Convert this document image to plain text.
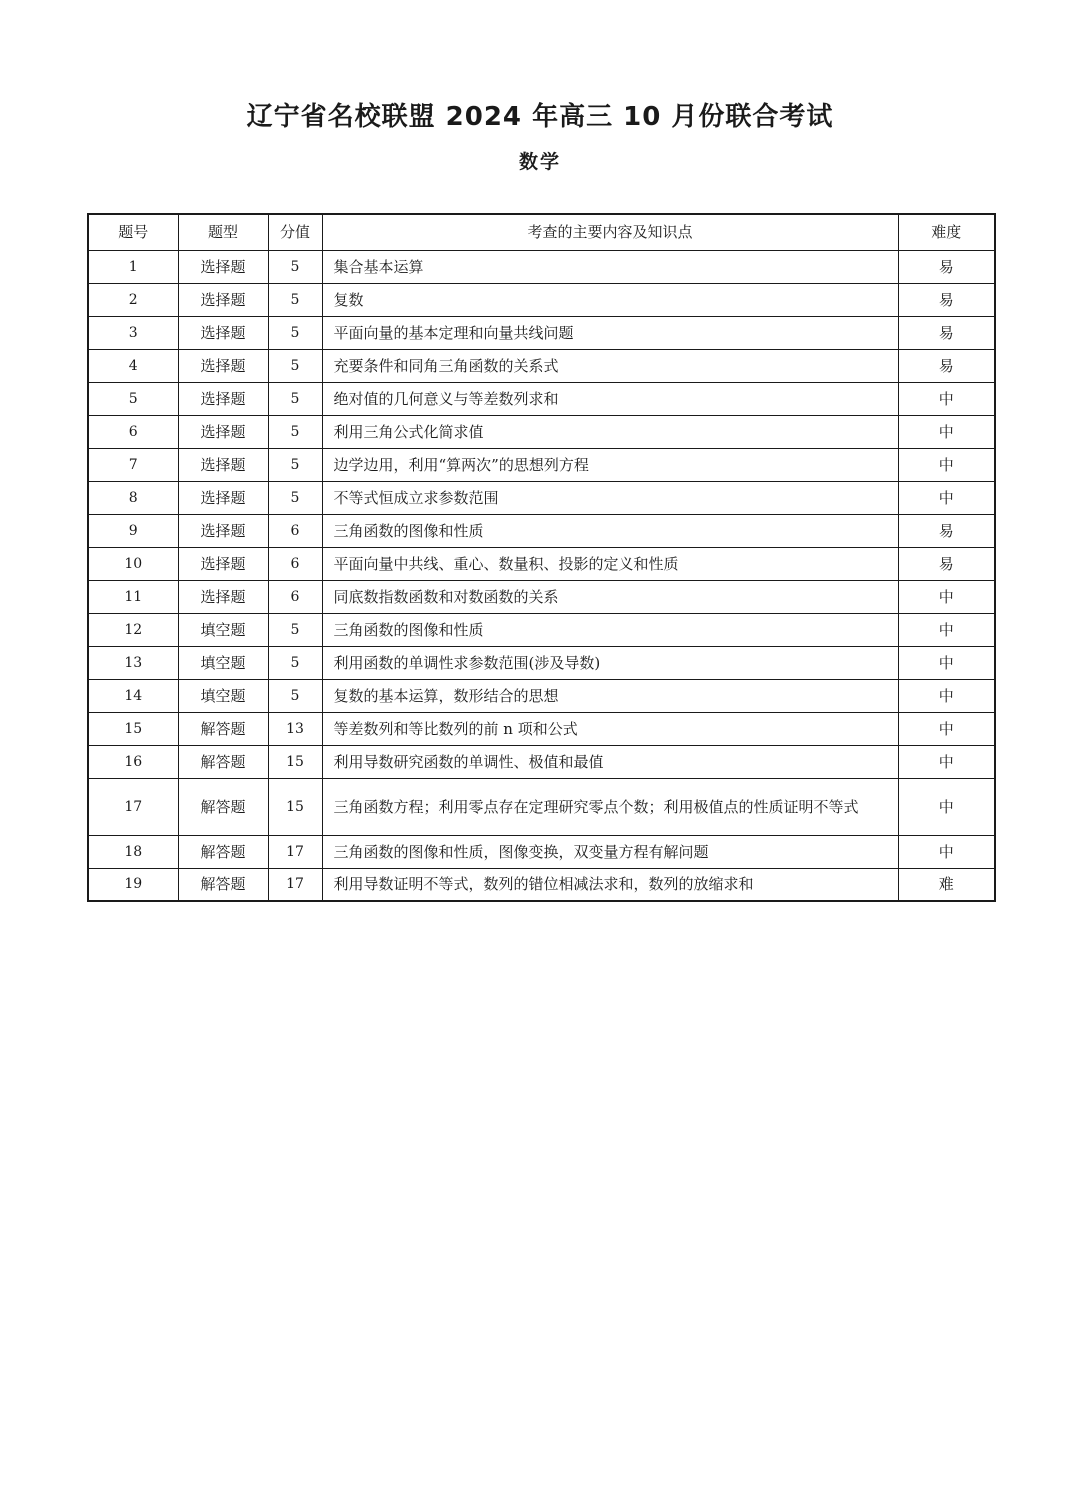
辽宁省名校联盟 2024 年高三 10 月份联合考试
数学
题号	题型	分值	考查的主要内容及知识点	难度
1	选择题	5	集合基本运算	易
2	选择题	5	复数	易
3	选择题	5	平面向量的基本定理和向量共线问题	易
4	选择题	5	充要条件和同角三角函数的关系式	易
5	选择题	5	绝对值的几何意义与等差数列求和	中
6	选择题	5	利用三角公式化简求值	中
7	选择题	5	边学边用，利用“算两次”的思想列方程	中
8	选择题	5	不等式恒成立求参数范围	中
9	选择题	6	三角函数的图像和性质	易
10	选择题	6	平面向量中共线、重心、数量积、投影的定义和性质	易
11	选择题	6	同底数指数函数和对数函数的关系	中
12	填空题	5	三角函数的图像和性质	中
13	填空题	5	利用函数的单调性求参数范围(涉及导数)	中
14	填空题	5	复数的基本运算，数形结合的思想	中
15	解答题	13	等差数列和等比数列的前 n 项和公式	中
16	解答题	15	利用导数研究函数的单调性、极值和最值	中
17	解答题	15	三角函数方程；利用零点存在定理研究零点个数；利用极值点的性质证明不等式	中
18	解答题	17	三角函数的图像和性质，图像变换，双变量方程有解问题	中
19	解答题	17	利用导数证明不等式，数列的错位相减法求和，数列的放缩求和	难
